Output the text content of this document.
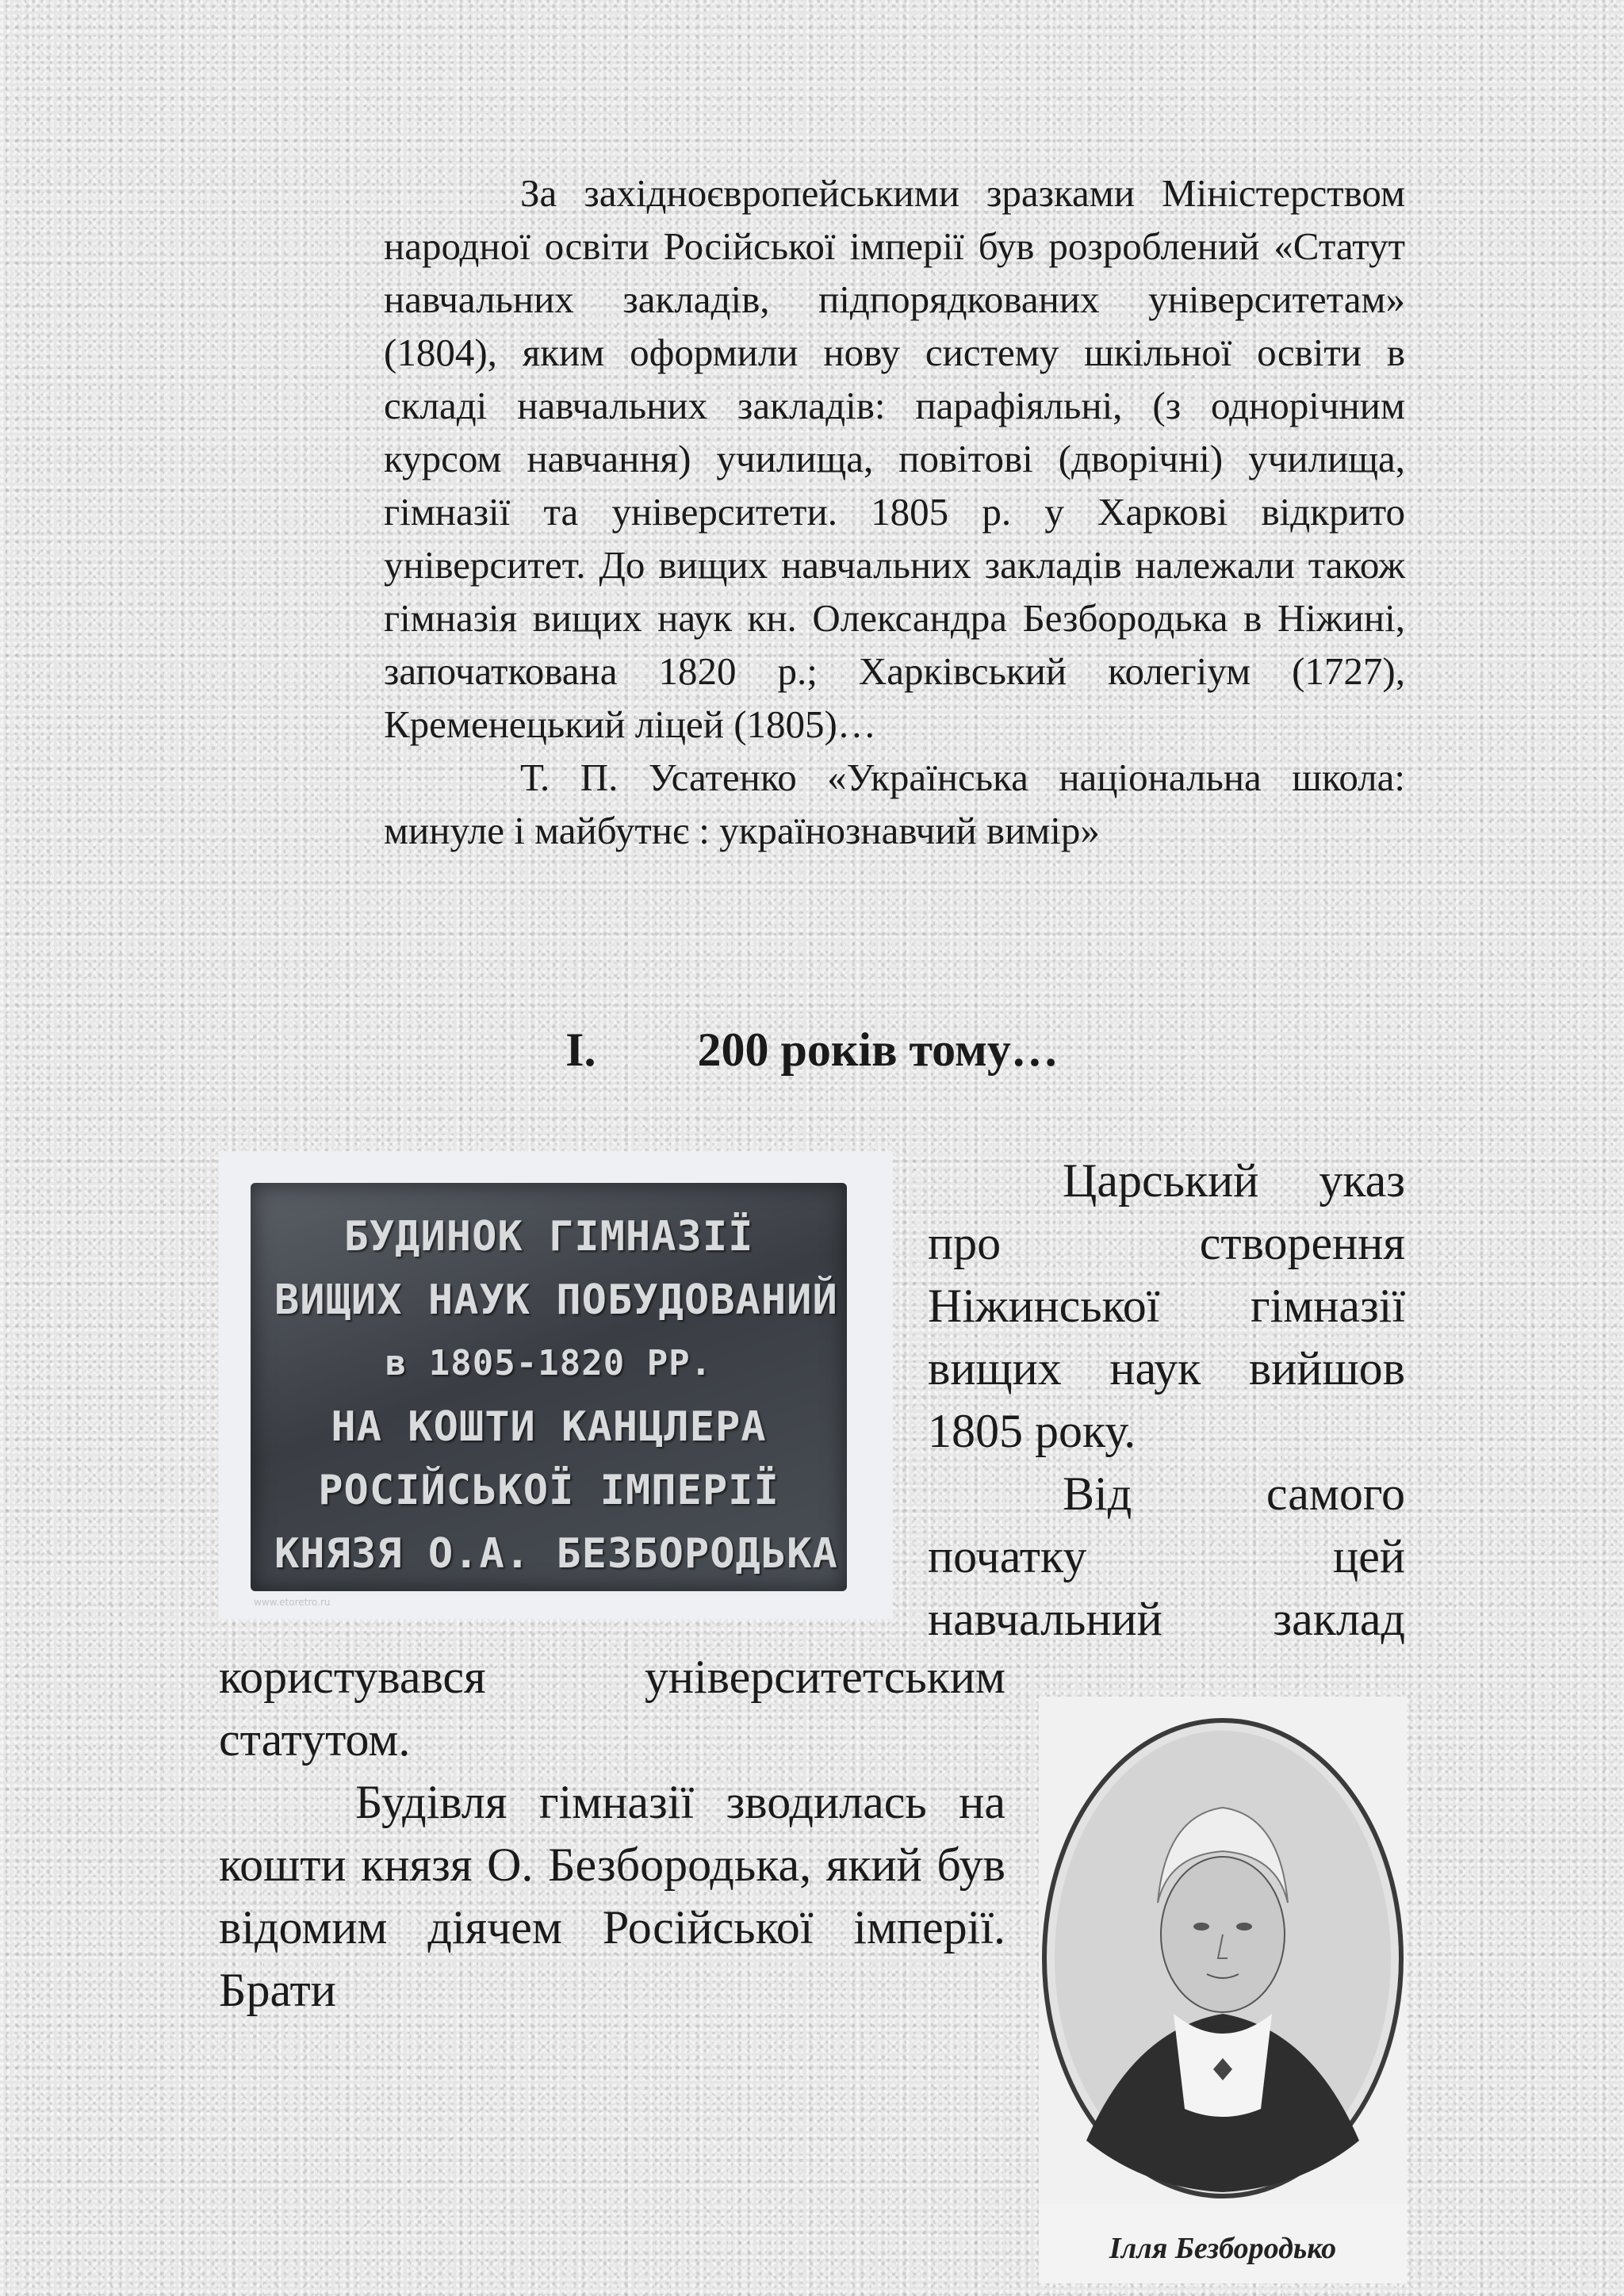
За західноєвропейськими зразками Міністерством народної освіти Російської імперії був розроблений «Статут навчальних закладів, підпорядкованих університетам» (1804), яким оформили нову систему шкільної освіти в складі навчальних закладів: парафіяльні, (з однорічним курсом навчання) училища, повітові (дворічні) училища, гімназії та університети. 1805 р. у Харкові відкрито університет. До вищих навчальних закладів належали також гімназія вищих наук кн. Олександра Безбородька в Ніжині, започаткована 1820 р.; Харківський колегіум (1727), Кременецький ліцей (1805)…

Т. П. Усатенко «Українська національна школа: минуле і майбутнє : українознавчий вимір»

I. 200 років тому…
БУДИНОК ГІМНАЗІЇ
ВИЩИХ НАУК ПОБУДОВАНИЙ
в 1805-1820 РР.
НА КОШТИ КАНЦЛЕРА
РОСІЙСЬКОЇ ІМПЕРІЇ
КНЯЗЯ О.А. БЕЗБОРОДЬКА
www.etoretro.ru

Царський указ про створення Ніжинської гімназії вищих наук вийшов 1805 року.

Від самого початку цей навчальний заклад

користувався університетським статутом.

Будівля гімназії зводилась на кошти князя О. Безбородька, який був відомим діячем Російської імперії. Брати

Ілля Безбородько
